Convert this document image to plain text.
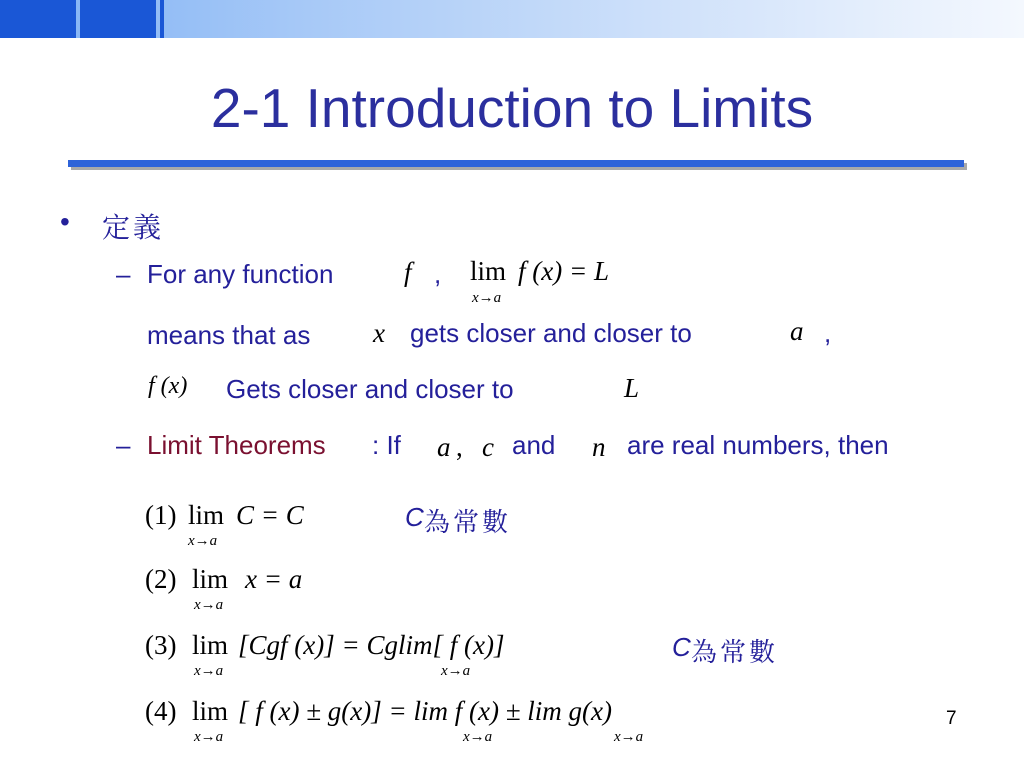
2-1 Introduction to Limits
• 定義
– For any function	f , lim f (x) = L
x→a
means that as x gets closer and closer to	a ,
f (x) Gets closer and closer to	L
– Limit Theorems : If a , c and n are real numbers, then
(1) lim C = C
x→a
C 為常數
(2) lim x = a
x→a
(3) lim [Cgf (x)] = Cglim[ f (x)]
x→a	x→a
C 為常數
(4) lim [ f (x) ± g(x)] = lim f (x) ± lim g(x)
x→a	x→a	x→a
7
